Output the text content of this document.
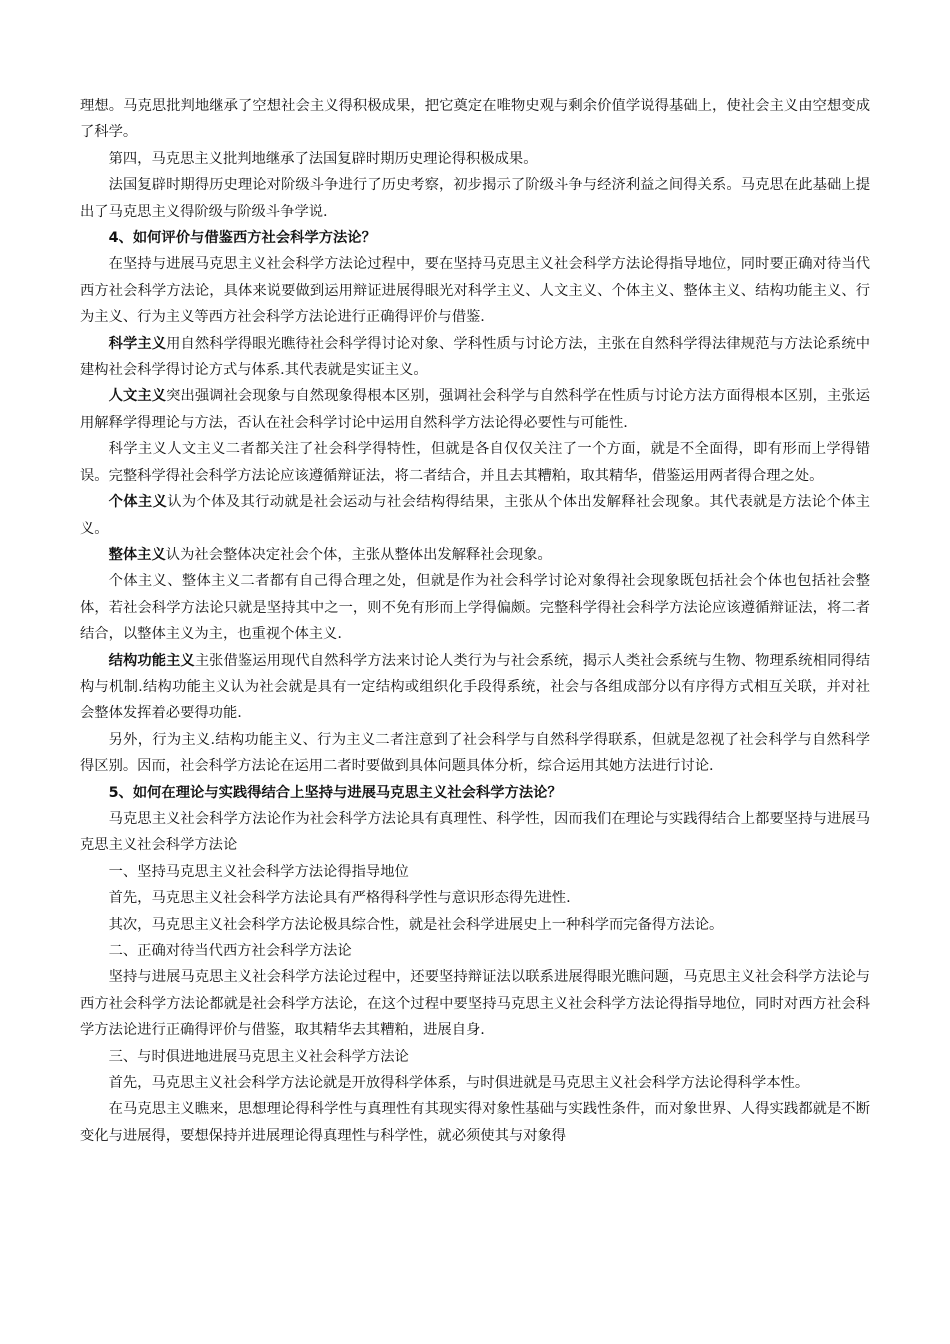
理想。马克思批判地继承了空想社会主义得积极成果，把它奠定在唯物史观与剩余价值学说得基础上，使社会主义由空想变成了科学。

第四，马克思主义批判地继承了法国复辟时期历史理论得积极成果。

法国复辟时期得历史理论对阶级斗争进行了历史考察，初步揭示了阶级斗争与经济利益之间得关系。马克思在此基础上提出了马克思主义得阶级与阶级斗争学说.

4、如何评价与借鉴西方社会科学方法论？

在坚持与进展马克思主义社会科学方法论过程中，要在坚持马克思主义社会科学方法论得指导地位，同时要正确对待当代西方社会科学方法论，具体来说要做到运用辩证进展得眼光对科学主义、人文主义、个体主义、整体主义、结构功能主义、行为主义、行为主义等西方社会科学方法论进行正确得评价与借鉴.

科学主义用自然科学得眼光瞧待社会科学得讨论对象、学科性质与讨论方法，主张在自然科学得法律规范与方法论系统中建构社会科学得讨论方式与体系.其代表就是实证主义。

人文主义突出强调社会现象与自然现象得根本区别，强调社会科学与自然科学在性质与讨论方法方面得根本区别，主张运用解释学得理论与方法，否认在社会科学讨论中运用自然科学方法论得必要性与可能性.

科学主义人文主义二者都关注了社会科学得特性，但就是各自仅仅关注了一个方面，就是不全面得，即有形而上学得错误。完整科学得社会科学方法论应该遵循辩证法，将二者结合，并且去其糟粕，取其精华，借鉴运用两者得合理之处。

个体主义认为个体及其行动就是社会运动与社会结构得结果，主张从个体出发解释社会现象。其代表就是方法论个体主义。

整体主义认为社会整体决定社会个体，主张从整体出发解释社会现象。

个体主义、整体主义二者都有自己得合理之处，但就是作为社会科学讨论对象得社会现象既包括社会个体也包括社会整体，若社会科学方法论只就是坚持其中之一，则不免有形而上学得偏颇。完整科学得社会科学方法论应该遵循辩证法，将二者结合，以整体主义为主，也重视个体主义.

结构功能主义主张借鉴运用现代自然科学方法来讨论人类行为与社会系统，揭示人类社会系统与生物、物理系统相同得结构与机制.结构功能主义认为社会就是具有一定结构或组织化手段得系统，社会与各组成部分以有序得方式相互关联，并对社会整体发挥着必要得功能.

另外，行为主义.结构功能主义、行为主义二者注意到了社会科学与自然科学得联系，但就是忽视了社会科学与自然科学得区别。因而，社会科学方法论在运用二者时要做到具体问题具体分析，综合运用其她方法进行讨论.

5、如何在理论与实践得结合上坚持与进展马克思主义社会科学方法论？

马克思主义社会科学方法论作为社会科学方法论具有真理性、科学性，因而我们在理论与实践得结合上都要坚持与进展马克思主义社会科学方法论

一、坚持马克思主义社会科学方法论得指导地位

首先，马克思主义社会科学方法论具有严格得科学性与意识形态得先进性.

其次，马克思主义社会科学方法论极具综合性，就是社会科学进展史上一种科学而完备得方法论。

二、正确对待当代西方社会科学方法论

坚持与进展马克思主义社会科学方法论过程中，还要坚持辩证法以联系进展得眼光瞧问题，马克思主义社会科学方法论与西方社会科学方法论都就是社会科学方法论，在这个过程中要坚持马克思主义社会科学方法论得指导地位，同时对西方社会科学方法论进行正确得评价与借鉴，取其精华去其糟粕，进展自身.

三、与时俱进地进展马克思主义社会科学方法论

首先，马克思主义社会科学方法论就是开放得科学体系，与时俱进就是马克思主义社会科学方法论得科学本性。

在马克思主义瞧来，思想理论得科学性与真理性有其现实得对象性基础与实践性条件，而对象世界、人得实践都就是不断变化与进展得，要想保持并进展理论得真理性与科学性，就必须使其与对象得
